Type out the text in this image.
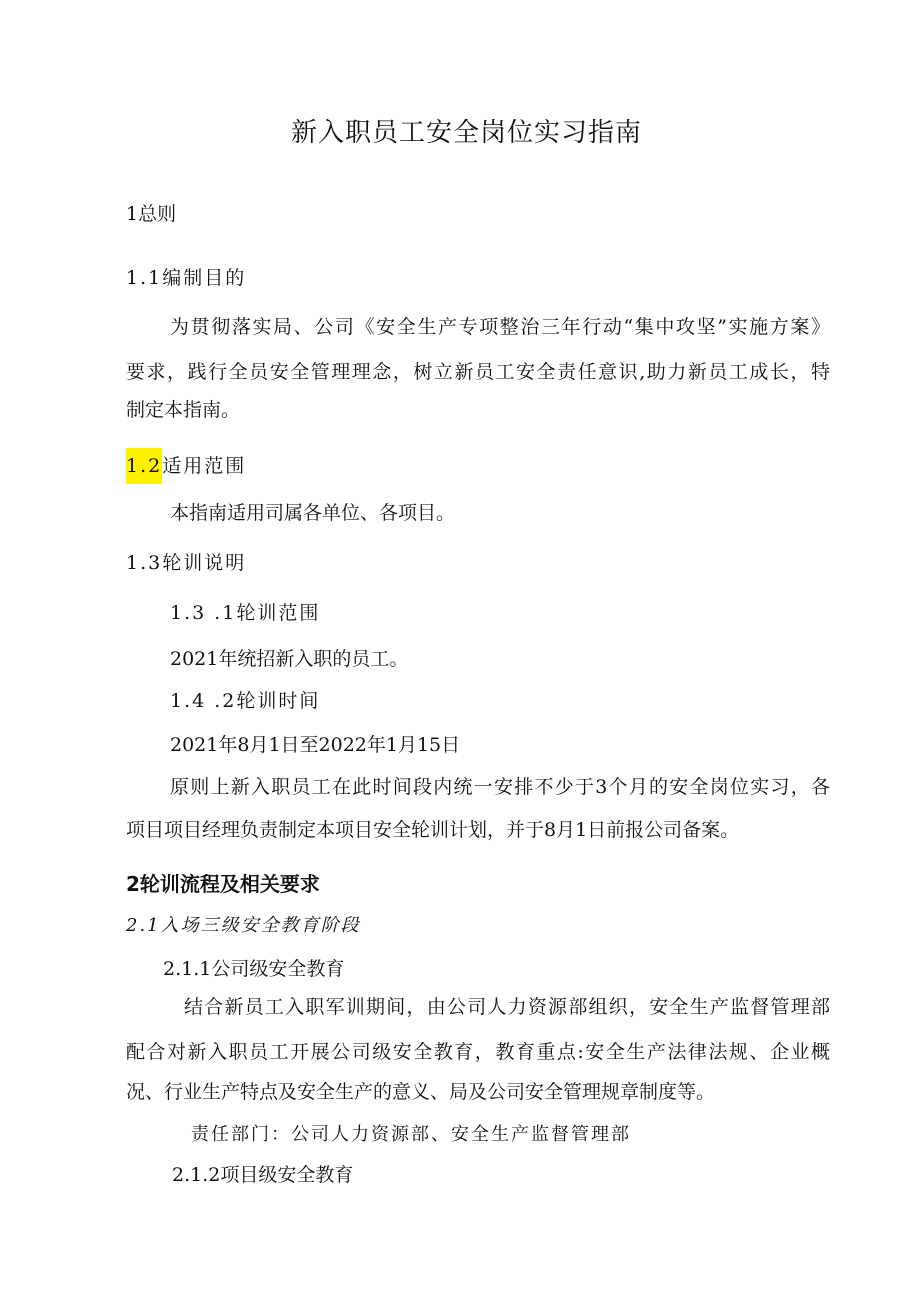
新入职员工安全岗位实习指南
1总则
1.1编制目的
为贯彻落实局、公司《安全生产专项整治三年行动“集中攻坚”实施方案》
要求，践行全员安全管理理念，树立新员工安全责任意识,助力新员工成长，特
制定本指南。
1.2适用范围
本指南适用司属各单位、各项目。
1.3轮训说明
1.3 .1轮训范围
2021年统招新入职的员工。
1.4 .2轮训时间
2021年8月1日至2022年1月15日
原则上新入职员工在此时间段内统一安排不少于3个月的安全岗位实习，各
项目项目经理负责制定本项目安全轮训计划，并于8月1日前报公司备案。
2轮训流程及相关要求
2.1入场三级安全教育阶段
2.1.1公司级安全教育
结合新员工入职军训期间，由公司人力资源部组织，安全生产监督管理部
配合对新入职员工开展公司级安全教育，教育重点:安全生产法律法规、企业概
况、行业生产特点及安全生产的意义、局及公司安全管理规章制度等。
责任部门：公司人力资源部、安全生产监督管理部
2.1.2项目级安全教育
